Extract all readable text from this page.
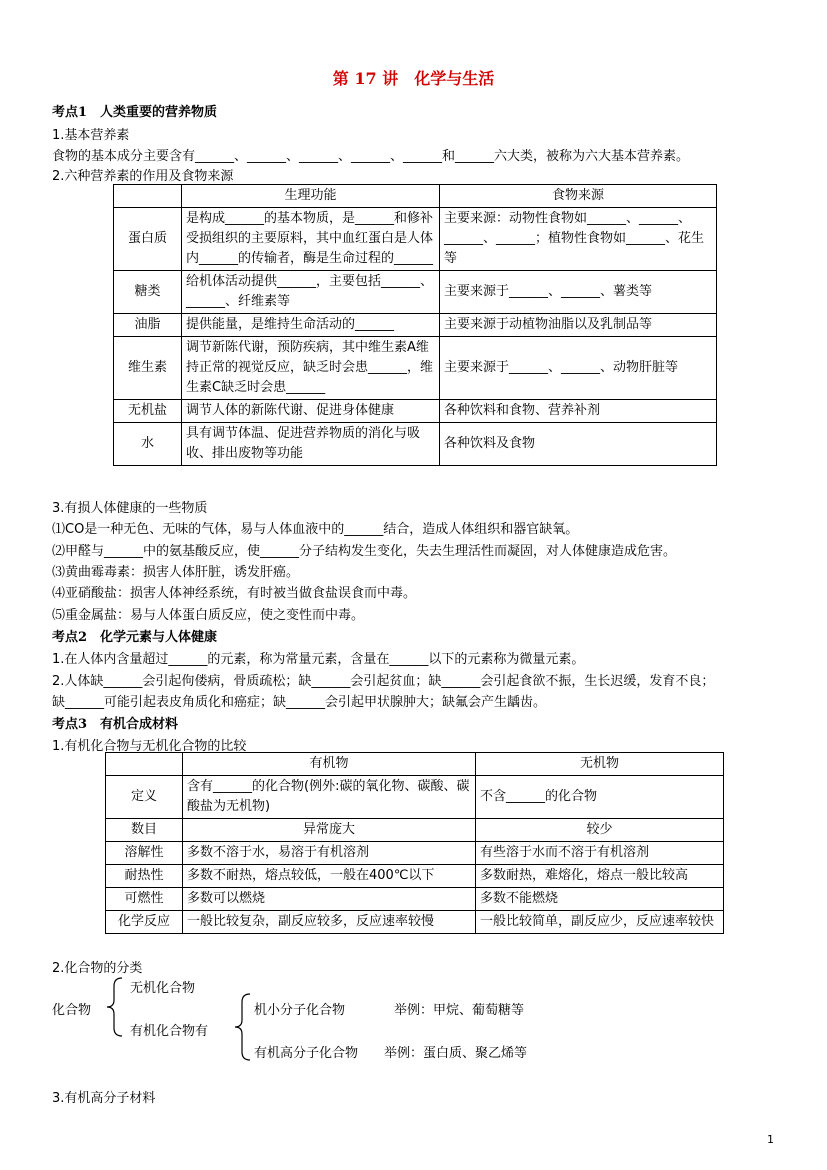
第 17 讲　化学与生活
考点1　人类重要的营养物质
1.基本营养素
食物的基本成分主要含有______、______、______、______、______和______六大类，被称为六大基本营养素。
2.六种营养素的作用及食物来源
	生理功能	食物来源
蛋白质	是构成______的基本物质，是______和修补受损组织的主要原料，其中血红蛋白是人体内______的传输者，酶是生命过程的______	主要来源：动物性食物如______、______、______、______；植物性食物如______、花生等
糖类	给机体活动提供______，主要包括______、______、纤维素等	主要来源于______、______、薯类等
油脂	提供能量，是维持生命活动的______	主要来源于动植物油脂以及乳制品等
维生素	调节新陈代谢，预防疾病，其中维生素A维持正常的视觉反应，缺乏时会患______，维生素C缺乏时会患______	主要来源于______、______、动物肝脏等
无机盐	调节人体的新陈代谢、促进身体健康	各种饮料和食物、营养补剂
水	具有调节体温、促进营养物质的消化与吸收、排出废物等功能	各种饮料及食物
3.有损人体健康的一些物质
⑴CO是一种无色、无味的气体，易与人体血液中的______结合，造成人体组织和器官缺氧。
⑵甲醛与______中的氨基酸反应，使______分子结构发生变化，失去生理活性而凝固，对人体健康造成危害。
⑶黄曲霉毒素：损害人体肝脏，诱发肝癌。
⑷亚硝酸盐：损害人体神经系统，有时被当做食盐误食而中毒。
⑸重金属盐：易与人体蛋白质反应，使之变性而中毒。
考点2　化学元素与人体健康
1.在人体内含量超过______的元素，称为常量元素，含量在______以下的元素称为微量元素。
2.人体缺______会引起佝偻病，骨质疏松；缺______会引起贫血；缺______会引起食欲不振，生长迟缓，发育不良；
缺______可能引起表皮角质化和癌症；缺______会引起甲状腺肿大；缺氟会产生龋齿。
考点3　有机合成材料
1.有机化合物与无机化合物的比较
	有机物	无机物
定义	含有______的化合物(例外:碳的氧化物、碳酸、碳酸盐为无机物)	不含______的化合物
数目	异常庞大	较少
溶解性	多数不溶于水，易溶于有机溶剂	有些溶于水而不溶于有机溶剂
耐热性	多数不耐热，熔点较低，一般在400℃以下	多数耐热，难熔化，熔点一般比较高
可燃性	多数可以燃烧	多数不能燃烧
化学反应	一般比较复杂，副反应较多，反应速率较慢	一般比较简单，副反应少，反应速率较快
2.化合物的分类
化合物
无机化合物
有机化合物有
机小分子化合物	举例：甲烷、葡萄糖等
有机高分子化合物 举例：蛋白质、聚乙烯等
3.有机高分子材料
1
